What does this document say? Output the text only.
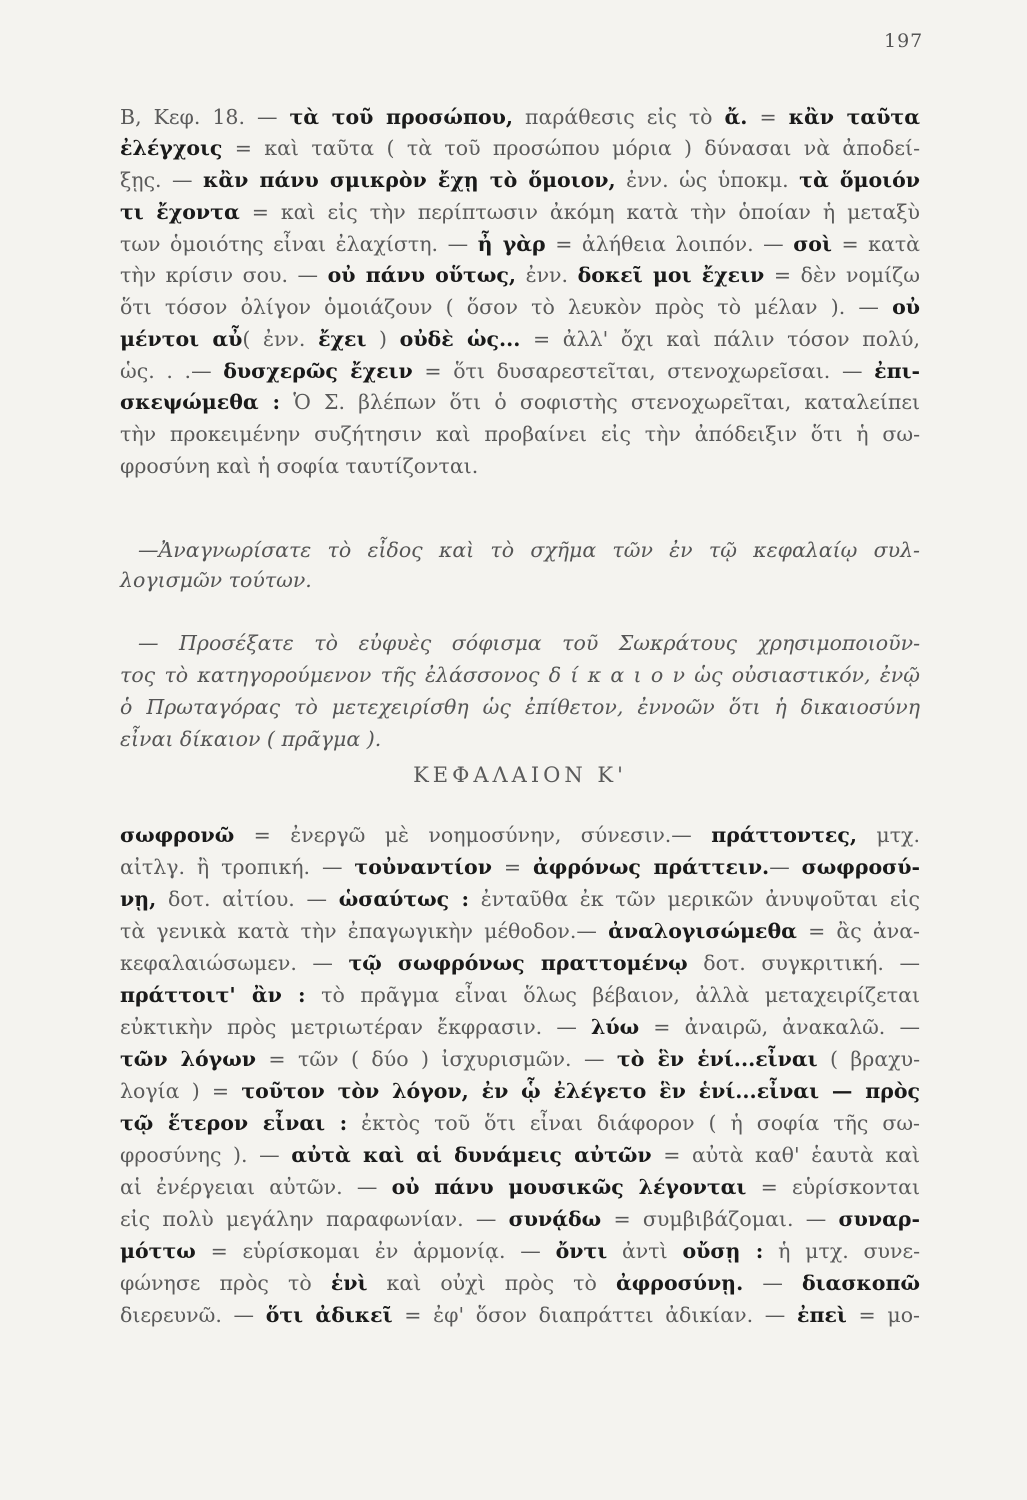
197
Β, Κεφ. 18. — τὰ τοῦ προσώπου, παράθεσις εἰς τὸ ἄ. = κἂν ταῦτα
ἐλέγχοις = καὶ ταῦτα ( τὰ τοῦ προσώπου μόρια ) δύνασαι νὰ ἀποδεί-
ξῃς. — κἂν πάνυ σμικρὸν ἔχῃ τὸ ὅμοιον, ἐνν. ὡς ὑποκμ. τὰ ὅμοιόν
τι ἔχοντα = καὶ εἰς τὴν περίπτωσιν ἀκόμη κατὰ τὴν ὁποίαν ἡ μεταξὺ
των ὁμοιότης εἶναι ἐλαχίστη. — ἦ γὰρ = ἀλήθεια λοιπόν. — σοὶ = κατὰ
τὴν κρίσιν σου. — οὐ πάνυ οὕτως, ἐνν. δοκεῖ μοι ἔχειν = δὲν νομίζω
ὅτι τόσον ὀλίγον ὁμοιάζουν ( ὅσον τὸ λευκὸν πρὸς τὸ μέλαν ). — οὐ
μέντοι αὖ( ἐνν. ἔχει ) οὐδὲ ὡς... = ἀλλ' ὄχι καὶ πάλιν τόσον πολύ,
ὡς. . .— δυσχερῶς ἔχειν = ὅτι δυσαρεστεῖται, στενοχωρεῖσαι. — ἐπι-
σκεψώμεθα : Ὁ Σ. βλέπων ὅτι ὁ σοφιστὴς στενοχωρεῖται, καταλείπει
τὴν προκειμένην συζήτησιν καὶ προβαίνει εἰς τὴν ἀπόδειξιν ὅτι ἡ σω-
φροσύνη καὶ ἡ σοφία ταυτίζονται.
—Ἀναγνωρίσατε τὸ εἶδος καὶ τὸ σχῆμα τῶν ἐν τῷ κεφαλαίῳ συλ-
λογισμῶν τούτων.
— Προσέξατε τὸ εὐφυὲς σόφισμα τοῦ Σωκράτους χρησιμοποιοῦν-
τος τὸ κατηγορούμενον τῆς ἐλάσσονος δ ί κ α ι ο ν ὡς οὐσιαστικόν, ἐνῷ
ὁ Πρωταγόρας τὸ μετεχειρίσθη ὡς ἐπίθετον, ἐννοῶν ὅτι ἡ δικαιοσύνη
εἶναι δίκαιον ( πρᾶγμα ).
ΚΕΦΑΛΑΙΟΝ Κ'
σωφρονῶ = ἐνεργῶ μὲ νοημοσύνην, σύνεσιν.— πράττοντες, μτχ.
αἰτλγ. ἢ τροπική. — τοὐναντίον = ἀφρόνως πράττειν.— σωφροσύ-
νῃ, δοτ. αἰτίου. — ὡσαύτως : ἐνταῦθα ἐκ τῶν μερικῶν ἀνυψοῦται εἰς
τὰ γενικὰ κατὰ τὴν ἐπαγωγικὴν μέθοδον.— ἀναλογισώμεθα = ἂς ἀνα-
κεφαλαιώσωμεν. — τῷ σωφρόνως πραττομένῳ δοτ. συγκριτική. —
πράττοιτ' ἂν : τὸ πρᾶγμα εἶναι ὅλως βέβαιον, ἀλλὰ μεταχειρίζεται
εὐκτικὴν πρὸς μετριωτέραν ἔκφρασιν. — λύω = ἀναιρῶ, ἀνακαλῶ. —
τῶν λόγων = τῶν ( δύο ) ἰσχυρισμῶν. — τὸ ἓν ἑνί...εἶναι ( βραχυ-
λογία ) = τοῦτον τὸν λόγον, ἐν ᾧ ἐλέγετο ἓν ἑνί...εἶναι — πρὸς
τῷ ἕτερον εἶναι : ἐκτὸς τοῦ ὅτι εἶναι διάφορον ( ἡ σοφία τῆς σω-
φροσύνης ). — αὐτὰ καὶ αἱ δυνάμεις αὐτῶν = αὐτὰ καθ' ἑαυτὰ καὶ
αἱ ἐνέργειαι αὐτῶν. — οὐ πάνυ μουσικῶς λέγονται = εὑρίσκονται
εἰς πολὺ μεγάλην παραφωνίαν. — συνᾴδω = συμβιβάζομαι. — συναρ-
μόττω = εὑρίσκομαι ἐν ἁρμονίᾳ. — ὄντι ἀντὶ οὔσῃ : ἡ μτχ. συνε-
φώνησε πρὸς τὸ ἑνὶ καὶ οὐχὶ πρὸς τὸ ἀφροσύνῃ. — διασκοπῶ
διερευνῶ. — ὅτι ἀδικεῖ = ἐφ' ὅσον διαπράττει ἀδικίαν. — ἐπεὶ = μο-
